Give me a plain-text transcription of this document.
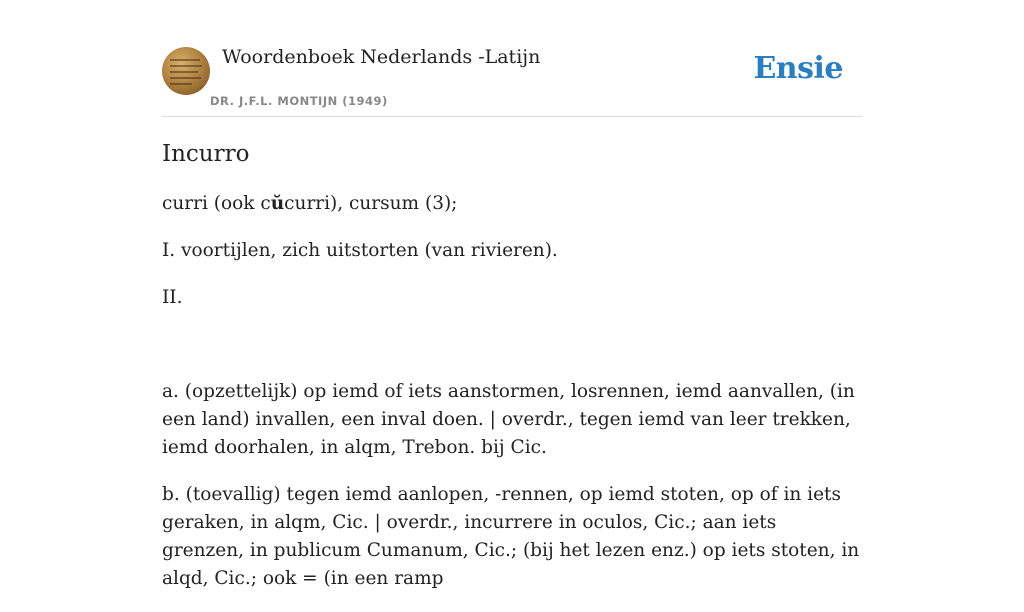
Woordenboek Nederlands -Latijn
DR. J.F.L. MONTIJN (1949)
Ensie
Incurro

curri (ook cŭcurri), cursum (3);

I. voortijlen, zich uitstorten (van rivieren).

II.

a. (opzettelijk) op iemd of iets aanstormen, losrennen, iemd aanvallen, (in een land) invallen, een inval doen. | overdr., tegen iemd van leer trekken, iemd doorhalen, in alqm, Trebon. bij Cic.

b. (toevallig) tegen iemd aanlopen, -rennen, op iemd stoten, op of in iets geraken, in alqm, Cic. | overdr., incurrere in oculos, Cic.; aan iets grenzen, in publicum Cumanum, Cic.; (bij het lezen enz.) op iets stoten, in alqd, Cic.; ook = (in een ramp
